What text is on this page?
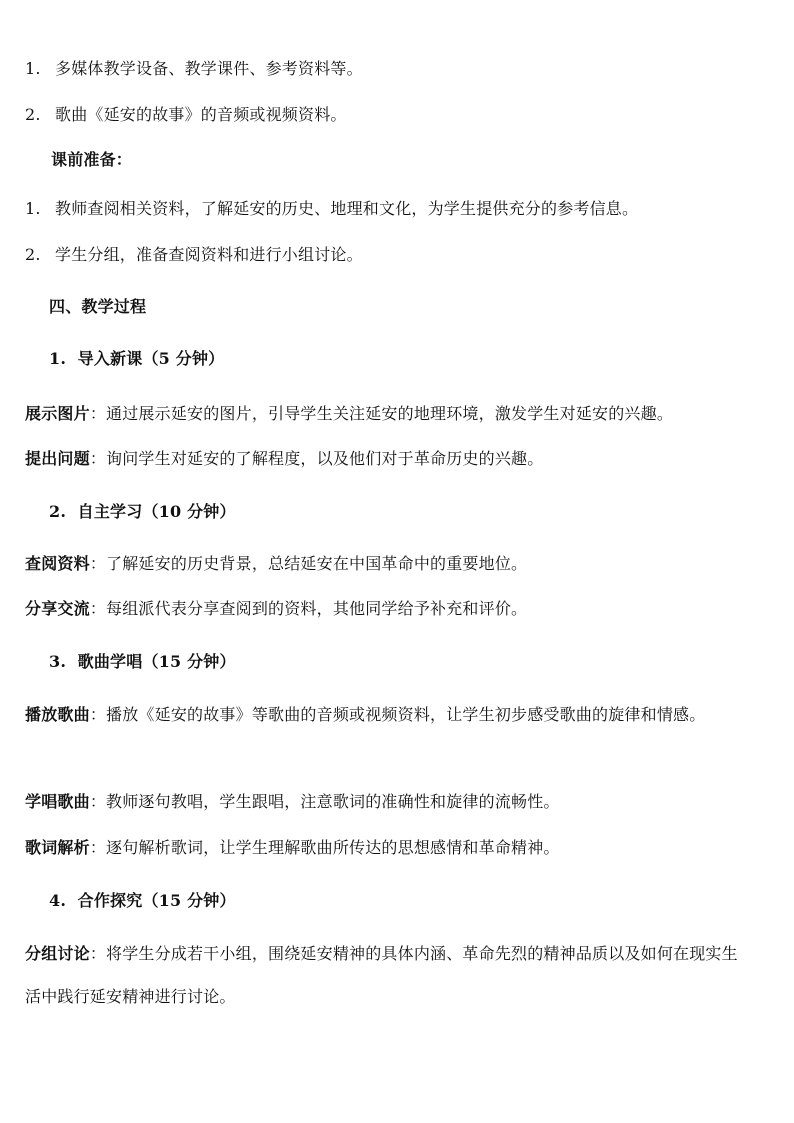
1. 多媒体教学设备、教学课件、参考资料等。
2. 歌曲《延安的故事》的音频或视频资料。
课前准备：
1. 教师查阅相关资料，了解延安的历史、地理和文化，为学生提供充分的参考信息。
2. 学生分组，准备查阅资料和进行小组讨论。
四、教学过程
1. 导入新课（5 分钟）
展示图片：通过展示延安的图片，引导学生关注延安的地理环境，激发学生对延安的兴趣。
提出问题：询问学生对延安的了解程度，以及他们对于革命历史的兴趣。
2. 自主学习（10 分钟）
查阅资料：了解延安的历史背景，总结延安在中国革命中的重要地位。
分享交流：每组派代表分享查阅到的资料，其他同学给予补充和评价。
3. 歌曲学唱（15 分钟）
播放歌曲：播放《延安的故事》等歌曲的音频或视频资料，让学生初步感受歌曲的旋律和情感。
学唱歌曲：教师逐句教唱，学生跟唱，注意歌词的准确性和旋律的流畅性。
歌词解析：逐句解析歌词，让学生理解歌曲所传达的思想感情和革命精神。
4. 合作探究（15 分钟）
分组讨论：将学生分成若干小组，围绕延安精神的具体内涵、革命先烈的精神品质以及如何在现实生活中践行延安精神进行讨论。
